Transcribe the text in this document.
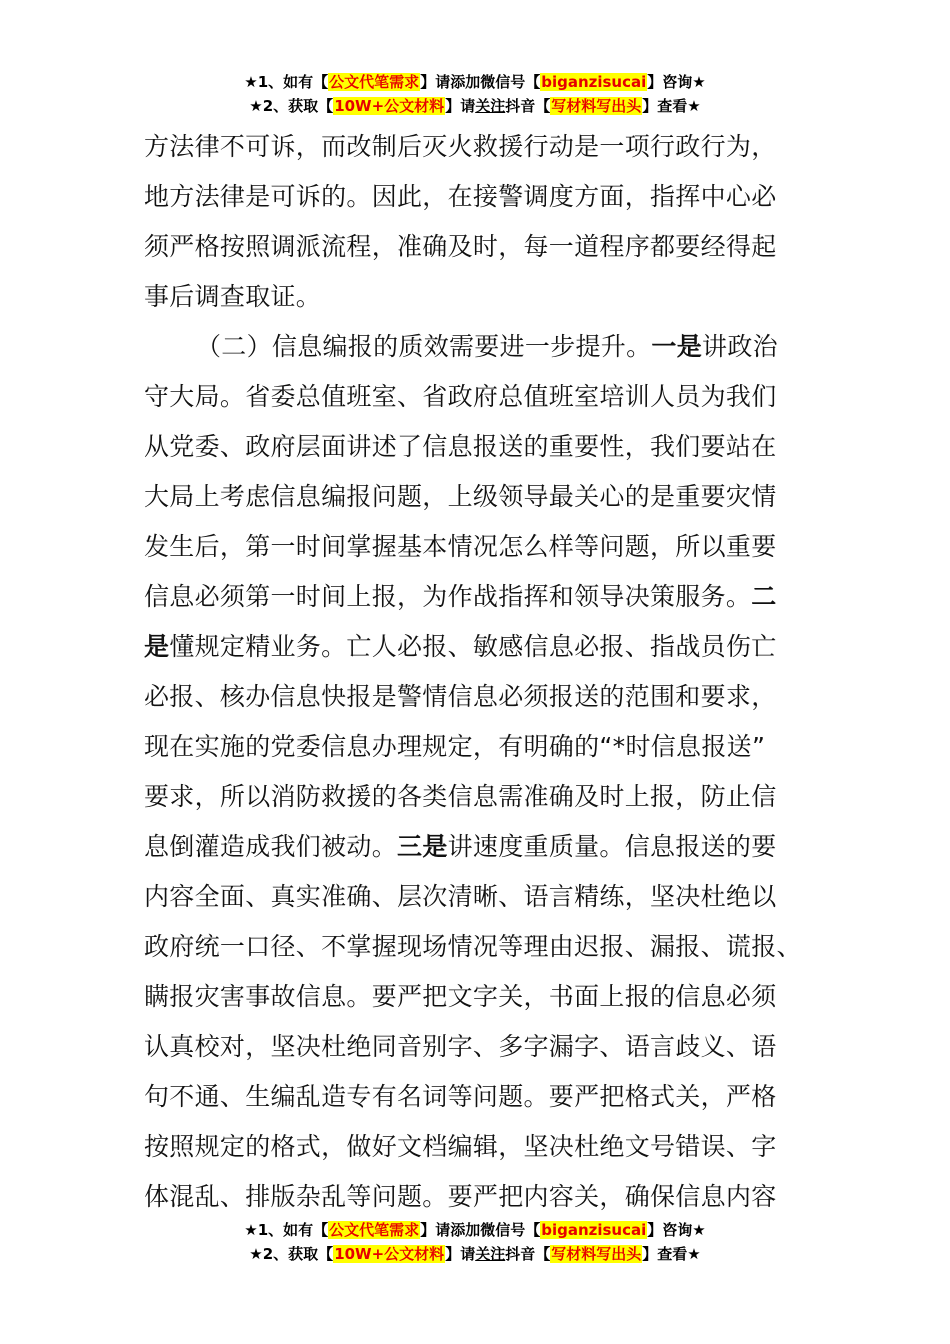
★1、如有【公文代笔需求】请添加微信号【biganzisucai】咨询★
★2、获取【10W+公文材料】请关注抖音【写材料写出头】查看★

方法律不可诉，而改制后灭火救援行动是一项行政行为，
地方法律是可诉的。因此，在接警调度方面，指挥中心必
须严格按照调派流程，准确及时，每一道程序都要经得起
事后调查取证。

（二）信息编报的质效需要进一步提升。一是讲政治
守大局。省委总值班室、省政府总值班室培训人员为我们
从党委、政府层面讲述了信息报送的重要性，我们要站在
大局上考虑信息编报问题，上级领导最关心的是重要灾情
发生后，第一时间掌握基本情况怎么样等问题，所以重要
信息必须第一时间上报，为作战指挥和领导决策服务。二
是懂规定精业务。亡人必报、敏感信息必报、指战员伤亡
必报、核办信息快报是警情信息必须报送的范围和要求，
现在实施的党委信息办理规定，有明确的“*时信息报送”
要求，所以消防救援的各类信息需准确及时上报，防止信
息倒灌造成我们被动。三是讲速度重质量。信息报送的要
内容全面、真实准确、层次清晰、语言精练，坚决杜绝以
政府统一口径、不掌握现场情况等理由迟报、漏报、谎报、
瞒报灾害事故信息。要严把文字关，书面上报的信息必须
认真校对，坚决杜绝同音别字、多字漏字、语言歧义、语
句不通、生编乱造专有名词等问题。要严把格式关，严格
按照规定的格式，做好文档编辑，坚决杜绝文号错误、字
体混乱、排版杂乱等问题。要严把内容关，确保信息内容

★1、如有【公文代笔需求】请添加微信号【biganzisucai】咨询★
★2、获取【10W+公文材料】请关注抖音【写材料写出头】查看★
